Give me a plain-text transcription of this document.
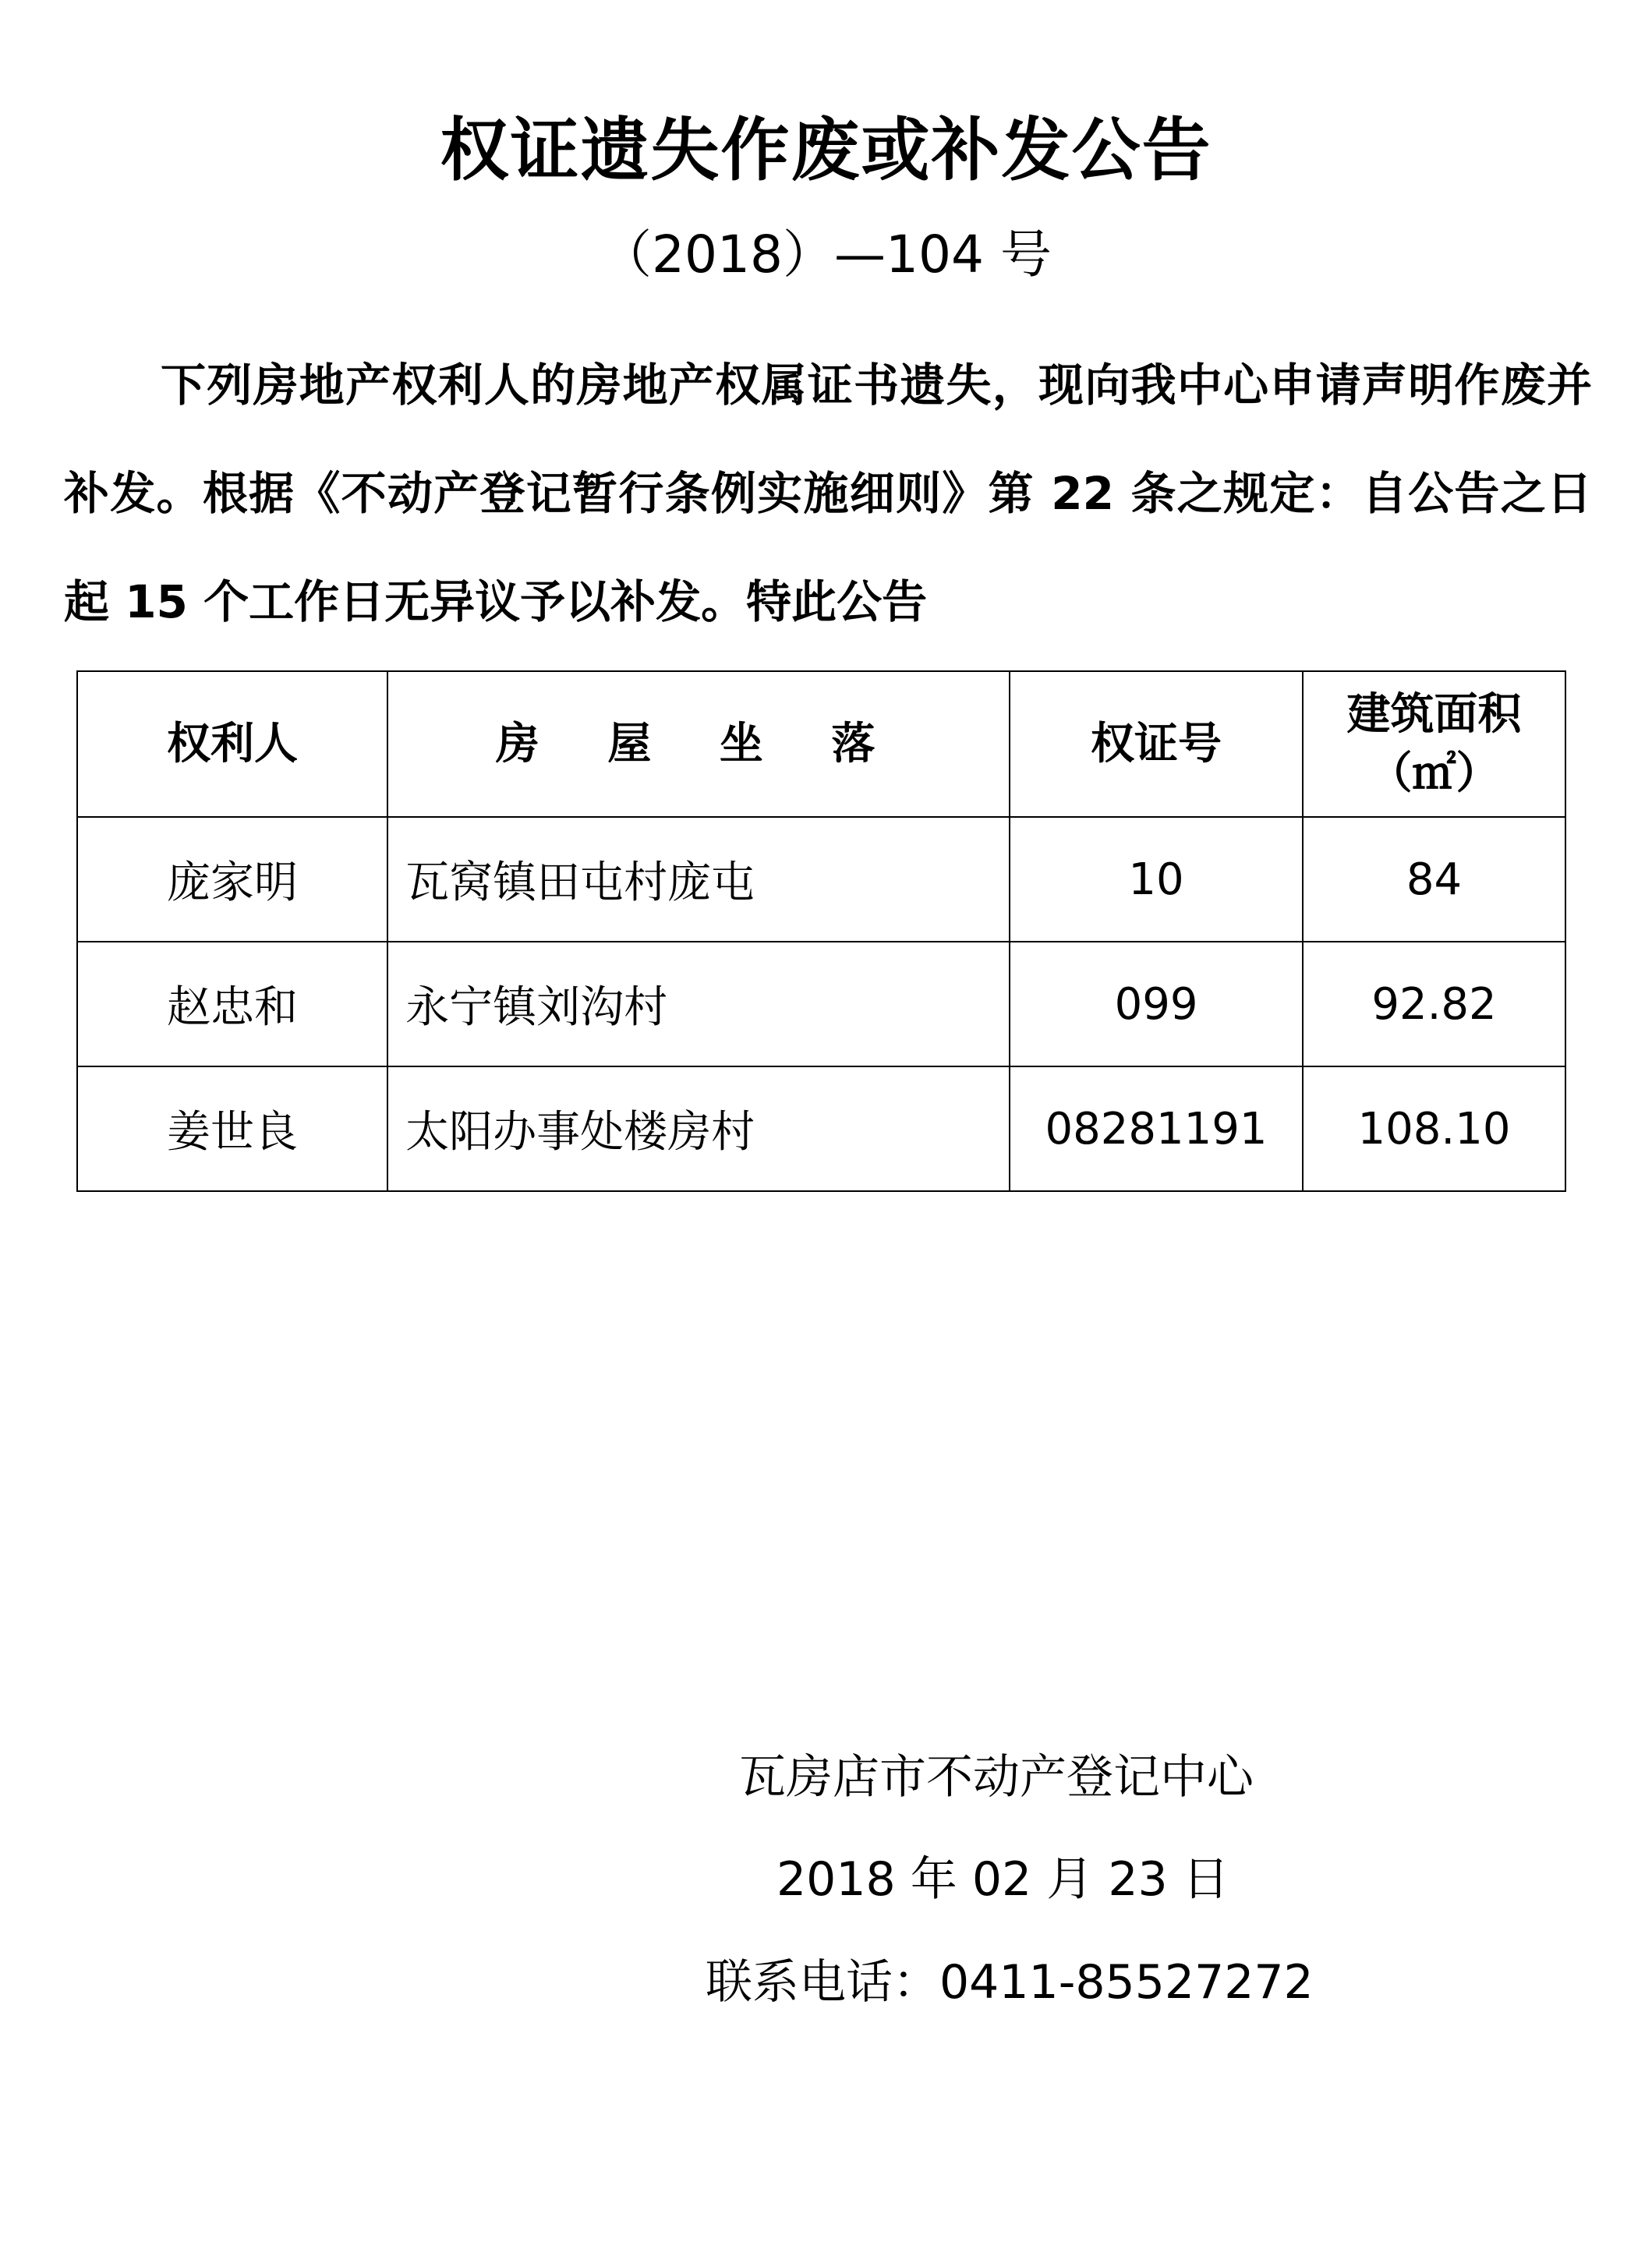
权证遗失作废或补发公告
（2018）—104 号
下列房地产权利人的房地产权属证书遗失，现向我中心申请声明作废并补发。根据《不动产登记暂行条例实施细则》第 22 条之规定：自公告之日起 15 个工作日无异议予以补发。特此公告
权利人	房 屋 坐 落	权证号	建筑面积
（㎡）

庞家明	瓦窝镇田屯村庞屯	10	84
赵忠和	永宁镇刘沟村	099	92.82
姜世良	太阳办事处楼房村	08281191	108.10
瓦房店市不动产登记中心
2018 年 02 月 23 日
联系电话：0411-85527272
